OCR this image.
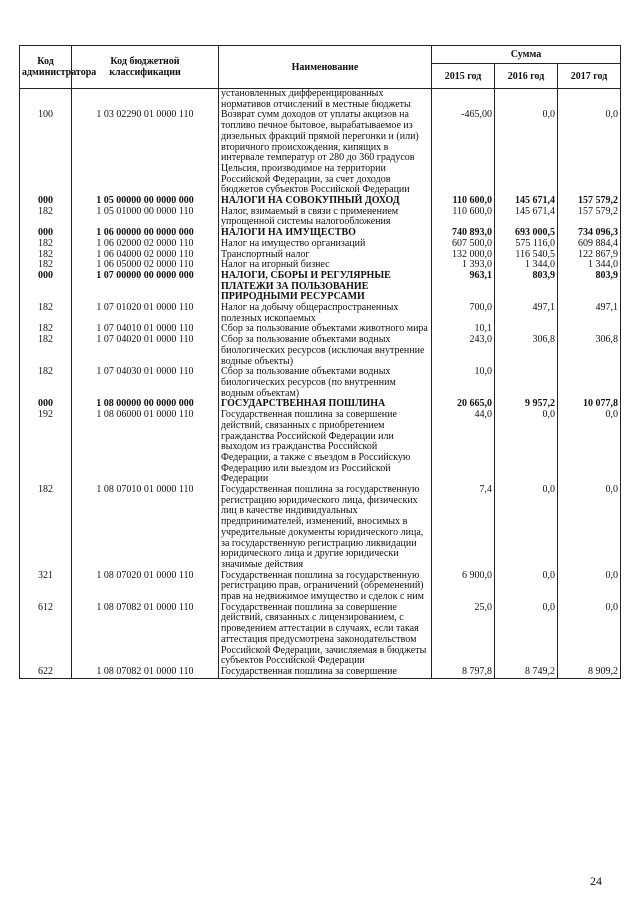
Код администратора	Код бюджетной классификации	Наименование	Сумма		
			2015 год	2016 год	2017 год
		установленных дифференцированных нормативов отчислений в местные бюджеты			
100	1 03 02290 01 0000 110	Возврат сумм доходов от уплаты акцизов на топливо печное бытовое, вырабатываемое из дизельных фракций прямой перегонки и (или) вторичного происхождения, кипящих в интервале температур от 280 до 360 градусов Цельсия, производимое на территории Российской Федерации, за счет доходов бюджетов субъектов Российской Федерации	-465,00	0,0	0,0
000	1 05 00000 00 0000 000	НАЛОГИ НА СОВОКУПНЫЙ ДОХОД	110 600,0	145 671,4	157 579,2
182	1 05 01000 00 0000 110	Налог, взимаемый в связи с применением упрощенной системы налогообложения	110 600,0	145 671,4	157 579,2
000	1 06 00000 00 0000 000	НАЛОГИ НА ИМУЩЕСТВО	740 893,0	693 000,5	734 096,3
182	1 06 02000 02 0000 110	Налог на имущество организаций	607 500,0	575 116,0	609 884,4
182	1 06 04000 02 0000 110	Транспортный налог	132 000,0	116 540,5	122 867,9
182	1 06 05000 02 0000 110	Налог на игорный бизнес	1 393,0	1 344,0	1 344,0
000	1 07 00000 00 0000 000	НАЛОГИ, СБОРЫ И РЕГУЛЯРНЫЕ ПЛАТЕЖИ ЗА ПОЛЬЗОВАНИЕ ПРИРОДНЫМИ РЕСУРСАМИ	963,1	803,9	803,9
182	1 07 01020 01 0000 110	Налог на добычу общераспространенных полезных ископаемых	700,0	497,1	497,1
182	1 07 04010 01 0000 110	Сбор за пользование объектами животного мира	10,1		
182	1 07 04020 01 0000 110	Сбор за пользование объектами водных биологических ресурсов (исключая внутренние водные объекты)	243,0	306,8	306,8
182	1 07 04030 01 0000 110	Сбор за пользование объектами водных биологических ресурсов (по внутренним водным объектам)	10,0		
000	1 08 00000 00 0000 000	ГОСУДАРСТВЕННАЯ ПОШЛИНА	20 665,0	9 957,2	10 077,8
192	1 08 06000 01 0000 110	Государственная пошлина за совершение действий, связанных с приобретением гражданства Российской Федерации или выходом из гражданства Российской Федерации, а также с въездом в Российскую Федерацию или выездом из Российской Федерации	44,0	0,0	0,0
182	1 08 07010 01 0000 110	Государственная пошлина за государственную регистрацию юридического лица, физических лиц в качестве индивидуальных предпринимателей, изменений, вносимых в учредительные документы юридического лица, за государственную регистрацию ликвидации юридического лица и другие юридически значимые действия	7,4	0,0	0,0
321	1 08 07020 01 0000 110	Государственная пошлина за государственную регистрацию прав, ограничений (обременений) прав на недвижимое имущество и сделок с ним	6 900,0	0,0	0,0
612	1 08 07082 01 0000 110	Государственная пошлина за совершение действий, связанных с лицензированием, с проведением аттестации в случаях, если такая аттестация предусмотрена законодательством Российской Федерации, зачисляемая в бюджеты субъектов Российской Федерации	25,0	0,0	0,0
622	1 08 07082 01 0000 110	Государственная пошлина за совершение	8 797,8	8 749,2	8 909,2
24
